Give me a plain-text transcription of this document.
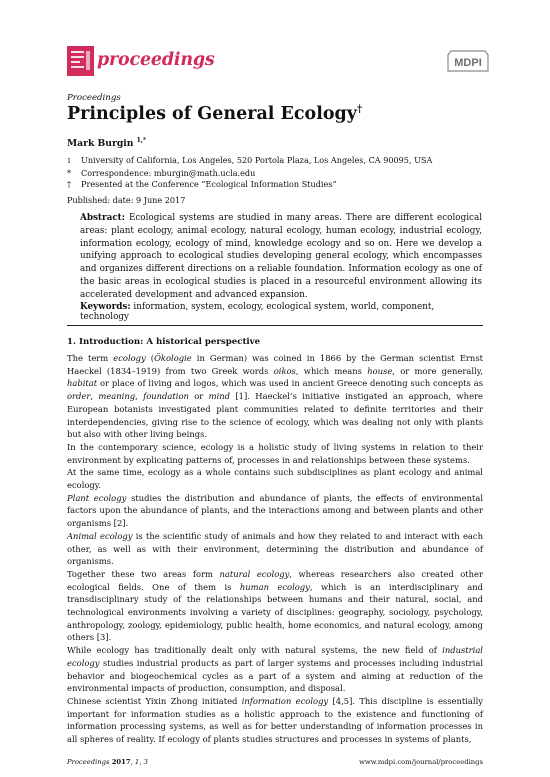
proceedings	MDPI
Proceedings
Principles of General Ecology†
Mark Burgin $^{1,*}$
1	University of California, Los Angeles, 520 Portola Plaza, Los Angeles, CA 90095, USA
*	Correspondence: mburgin@math.ucla.edu
†	Presented at the Conference “Ecological Information Studies”
Published: date: 9 June 2017
Abstract: Ecological systems are studied in many areas. There are different ecological areas: plant ecology, animal ecology, natural ecology, human ecology, industrial ecology, information ecology, ecology of mind, knowledge ecology and so on. Here we develop a unifying approach to ecological studies developing general ecology, which encompasses and organizes different directions on a reliable foundation. Information ecology as one of the basic areas in ecological studies is placed in a resourceful environment allowing its accelerated development and advanced expansion.
Keywords: information, system, ecology, ecological system, world, component, technology
1. Introduction: A historical perspective

The term ecology (Ökologie in German) was coined in 1866 by the German scientist Ernst Haeckel (1834–1919) from two Greek words oikos, which means house, or more generally, habitat or place of living and logos, which was used in ancient Greece denoting such concepts as order, meaning, foundation or mind [1]. Haeckel’s initiative instigated an approach, where European botanists investigated plant communities related to definite territories and their interdependencies, giving rise to the science of ecology, which was dealing not only with plants but also with other living beings.

In the contemporary science, ecology is a holistic study of living systems in relation to their environment by explicating patterns of, processes in and relationships between these systems.

At the same time, ecology as a whole contains such subdisciplines as plant ecology and animal ecology.

Plant ecology studies the distribution and abundance of plants, the effects of environmental factors upon the abundance of plants, and the interactions among and between plants and other organisms [2].

Animal ecology is the scientific study of animals and how they related to and interact with each other, as well as with their environment, determining the distribution and abundance of organisms.

Together these two areas form natural ecology, whereas researchers also created other ecological fields. One of them is human ecology, which is an interdisciplinary and transdisciplinary study of the relationships between humans and their natural, social, and technological environments involving a variety of disciplines: geography, sociology, psychology, anthropology, zoology, epidemiology, public health, home economics, and natural ecology, among others [3].

While ecology has traditionally dealt only with natural systems, the new field of industrial ecology studies industrial products as part of larger systems and processes including industrial behavior and biogeochemical cycles as a part of a system and aiming at reduction of the environmental impacts of production, consumption, and disposal.

Chinese scientist Yixin Zhong initiated information ecology [4,5]. This discipline is essentially important for information studies as a holistic approach to the existence and functioning of information processing systems, as well as for better understanding of information processes in all spheres of reality. If ecology of plants studies structures and processes in systems of plants,

Proceedings 2017, 1, 3	www.mdpi.com/journal/proceedings
